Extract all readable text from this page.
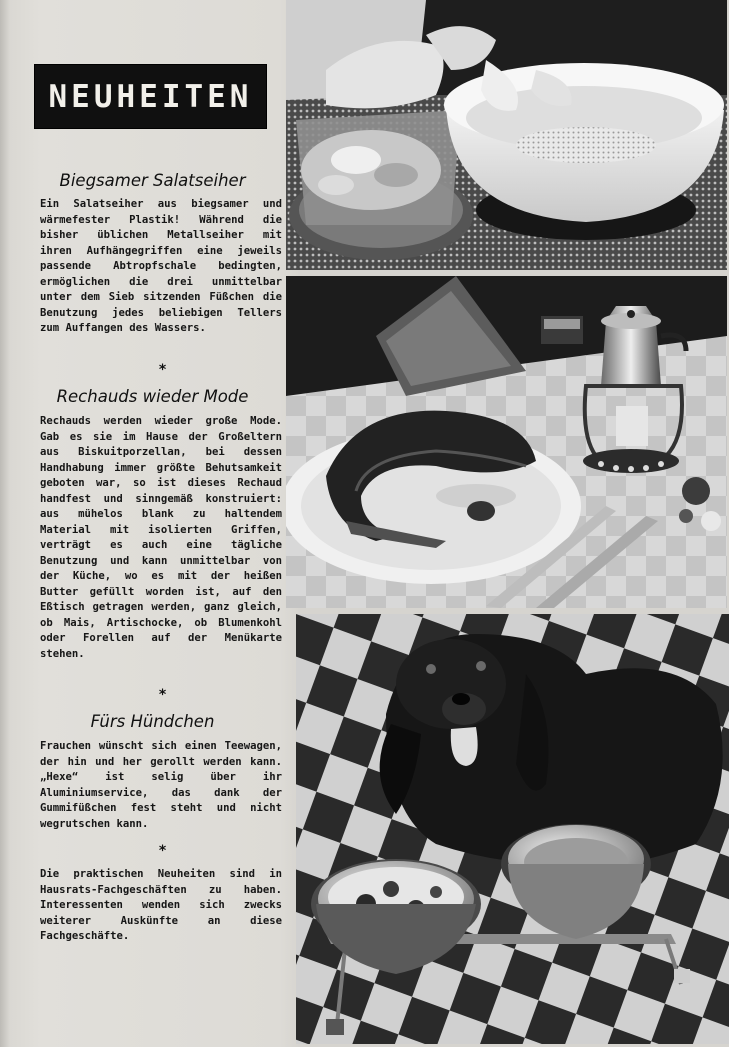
NEUHEITEN
Biegsamer Salatseiher
Ein Salatseiher aus biegsamer und wärmefester Plastik! Während die bisher üblichen Metallseiher mit ihren Aufhängegriffen eine jeweils passende Abtropfschale bedingten, ermöglichen die drei unmittelbar unter dem Sieb sitzenden Füßchen die Benutzung jedes beliebigen Tellers zum Auffangen des Wassers.
*
Rechauds wieder Mode
Rechauds werden wieder große Mode. Gab es sie im Hause der Großeltern aus Biskuitporzellan, bei dessen Handhabung immer größte Behutsamkeit geboten war, so ist dieses Rechaud handfest und sinngemäß konstruiert: aus mühelos blank zu haltendem Material mit isolierten Griffen, verträgt es auch eine tägliche Benutzung und kann unmittelbar von der Küche, wo es mit der heißen Butter gefüllt worden ist, auf den Eßtisch getragen werden, ganz gleich, ob Mais, Artischocke, ob Blumenkohl oder Forellen auf der Menükarte stehen.
*
Fürs Hündchen
Frauchen wünscht sich einen Teewagen, der hin und her gerollt werden kann. „Hexe“ ist selig über ihr Aluminiumservice, das dank der Gummifüßchen fest steht und nicht wegrutschen kann.
*
Die praktischen Neuheiten sind in Hausrats-Fachgeschäften zu haben. Interessenten wenden sich zwecks weiterer Auskünfte an diese Fachgeschäfte.
